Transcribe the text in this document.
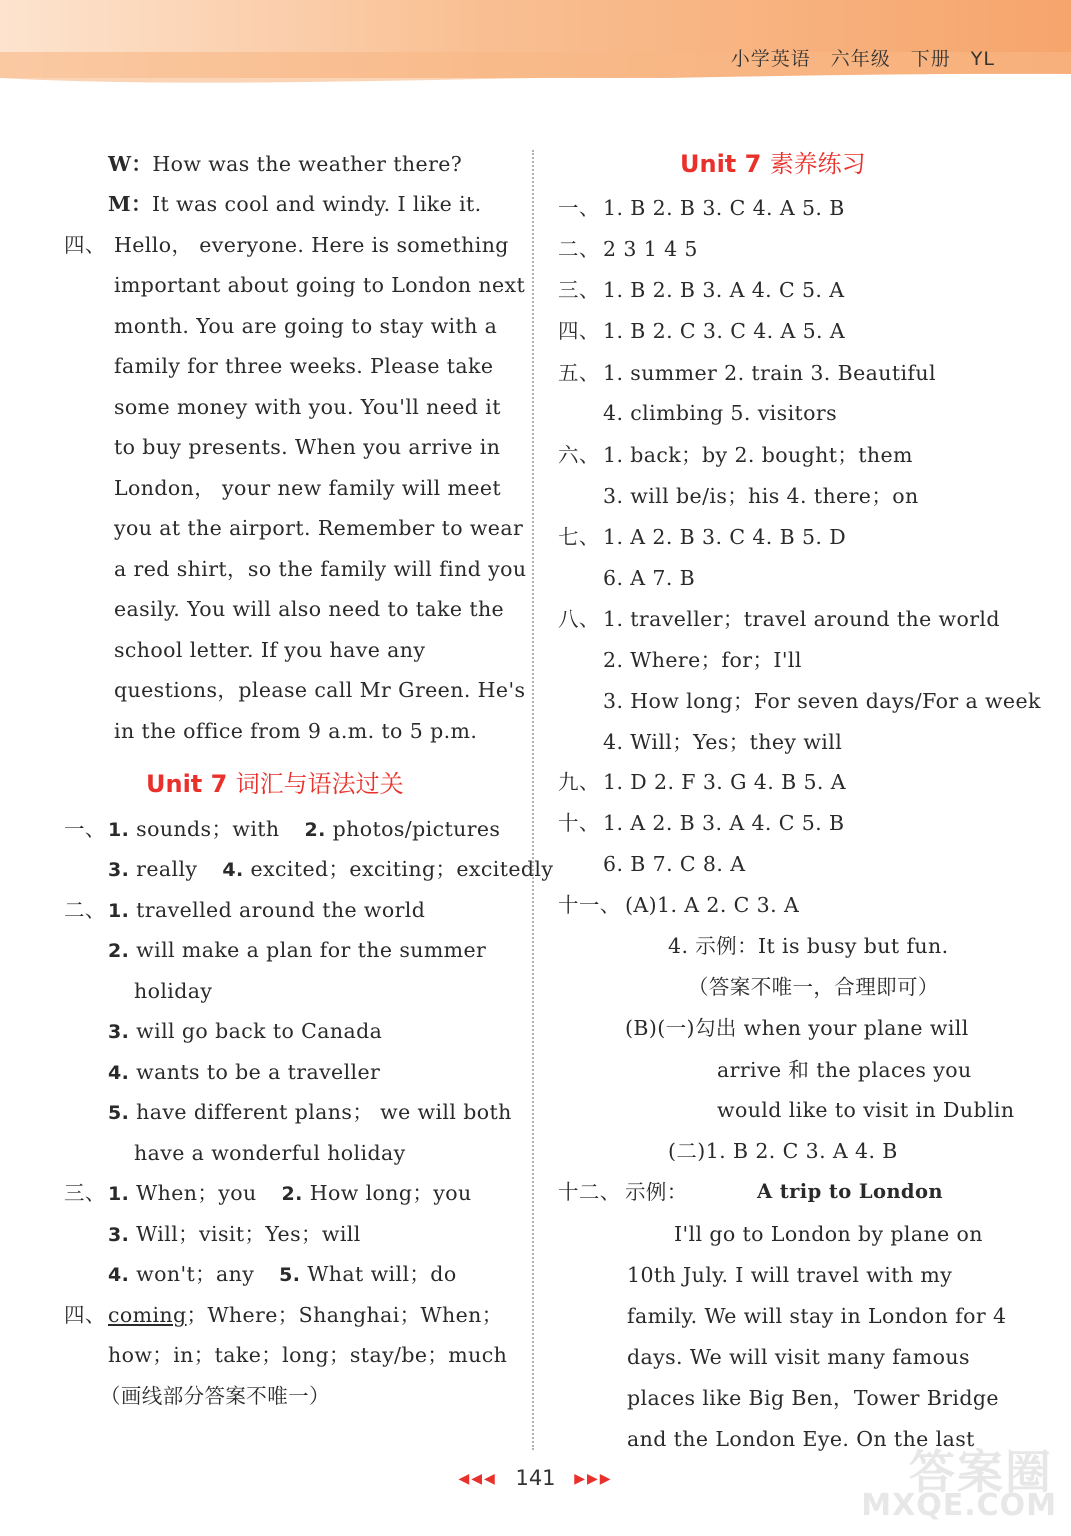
小学英语 六年级 下册 YL
W：How was the weather there?
M：It was cool and windy. I like it.
四、 Hello， everyone. Here is something
important about going to London next
month. You are going to stay with a
family for three weeks. Please take
some money with you. You'll need it
to buy presents. When you arrive in
London， your new family will meet
you at the airport. Remember to wear
a red shirt，so the family will find you
easily. You will also need to take the
school letter. If you have any
questions，please call Mr Green. He's
in the office from 9 a.m. to 5 p.m.
Unit 7 词汇与语法过关
一、 1. sounds；with 2. photos/pictures
3. really 4. excited；exciting；excitedly
二、 1. travelled around the world
2. will make a plan for the summer
holiday
3. will go back to Canada
4. wants to be a traveller
5. have different plans； we will both
have a wonderful holiday
三、 1. When；you 2. How long；you
3. Will；visit；Yes；will
4. won't；any 5. What will；do
四、 coming；Where；Shanghai；When；
how；in；take；long；stay/be；much
（画线部分答案不唯一）
Unit 7 素养练习
一、 1. B 2. B 3. C 4. A 5. B
二、 2 3 1 4 5
三、 1. B 2. B 3. A 4. C 5. A
四、 1. B 2. C 3. C 4. A 5. A
五、 1. summer 2. train 3. Beautiful
4. climbing 5. visitors
六、 1. back；by 2. bought；them
3. will be/is；his 4. there；on
七、 1. A 2. B 3. C 4. B 5. D
6. A 7. B
八、 1. traveller；travel around the world
2. Where；for；I'll
3. How long；For seven days/For a week
4. Will；Yes；they will
九、 1. D 2. F 3. G 4. B 5. A
十、 1. A 2. B 3. A 4. C 5. B
6. B 7. C 8. A
十一、 (A)1. A 2. C 3. A
4. 示例：It is busy but fun.
（答案不唯一，合理即可）
(B)(一)勾出 when your plane will
arrive 和 the places you
would like to visit in Dublin
(二)1. B 2. C 3. A 4. B
十二、 示例：	A trip to London
I'll go to London by plane on
10th July. I will travel with my
family. We will stay in London for 4
days. We will visit many famous
places like Big Ben，Tower Bridge
and the London Eye. On the last
◀◀◀ 141 ▶▶▶	答案圈
MXQE.COM
